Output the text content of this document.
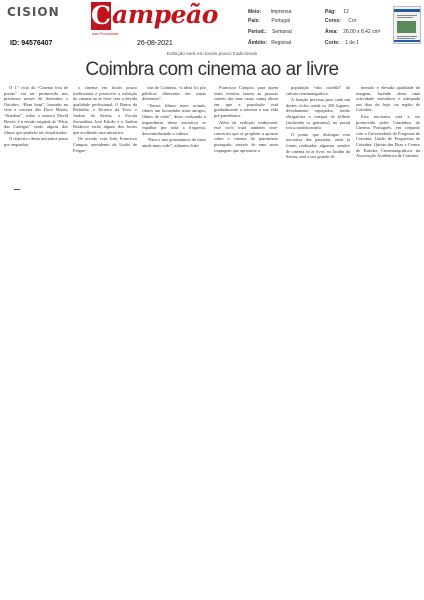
CISION C ampeão
das Províncias
ID: 94576407	26-08-2021
Meio: Imprensa
País: Portugal
Period.: Semanal
Âmbito: Regional
Pág: 12
Cores: Cor
Área: 26,00 x 8,42 cm²
Corte: 1 de 1
Exibição será em locais pouco tradicionais
Coimbra com cinema ao ar livre

O 1.º ciclo do “Cinema fora de portas” vai ser promovido nos próximos meses de Setembro e Outubro. “Bem bom”, baseado na vida e carreira das Doce Mania, “Stardust”, sobre o músico David Bowie, e a versão original do “Pátio das Cantigas” serão alguns dos filmes que poderão ser visualizados.

O objectivo desta iniciativa passa por enquadrar

o cinema em locais pouco tradicionais e promover a exibição do cinema ao ar livre com a devida qualidade profissional. O Bairro da Pedrulha, o Terreiro da Erva, o Jardim da Sereia, a Escola Secundária José Falcão e o Jardim Botânico serão alguns dos locais que acolherão esta iniciativa.

De acordo com João Francisco Campos, presidente da União de Fregue-

sias de Coimbra, “a ideia foi pôr públicos diferentes em zonas diferentes”.

“Temos filmes mais actuais, filmes um bocadinho mais antigos, filmes de culto”, disse, realçando a importância desta iniciativa se espalhar por toda a freguesia, descentralizando a cultura.

“Para o ano gostaríamos de fazer ainda mais cedo”, adiantou João

Francisco Campos, para quem estes eventos fazem as pessoas saírem das suas casas, numa altura em que a população está gradualmente a retomar a sua vida pré-pandémica.

Além da exibição tradicional, este ciclo trará também cine-concertos que se propõem a apostar sobre o cinema de património português, através de uma nova roupagem que aproxime a

população “não cinéfila” da cultura cinematográfica.

A lotação prevista para cada um destes ciclos ronda os 200 lugares, devidamente espaçados, sendo obrigatória a compra de bilhete (incluindo os gratuitos), no portal www.ruralshowinfo.

O ponto que distingue esta iniciativa das passadas, onde já foram realizadas algumas sessões de cinema ao ar livre, no Jardim da Sereia, será a sua grande di-

mensão e elevada qualidade de imagem, fazendo desta uma actividade inovadora e adequada aos dias de hoje, na região de Coimbra.

Esta iniciativa está a ser promovida pelos Caminhos do Cinema Português, em conjunto com a Universidade de Fregesias de Coimbra, União de Freguesias de Coimbra, Quinta das Pitas e Centro de Estudos Cinematográficos da Associação Académica de Coimbra.
